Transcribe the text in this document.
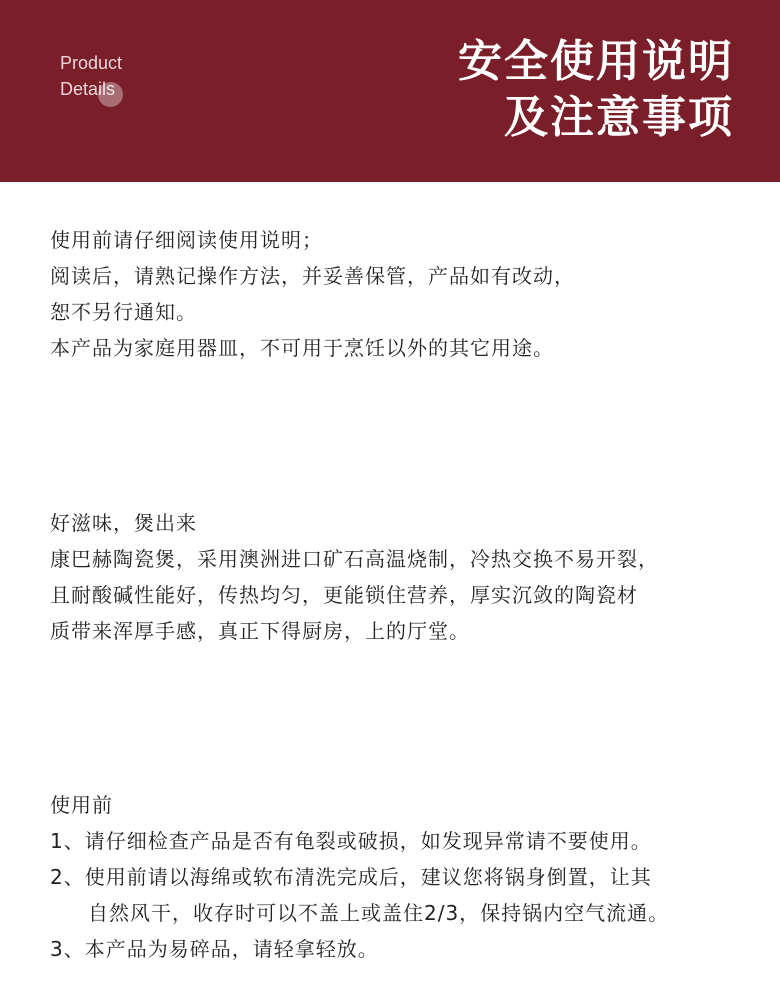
Product
Details
安全使用说明
及注意事项
使用前请仔细阅读使用说明；
阅读后，请熟记操作方法，并妥善保管，产品如有改动，
恕不另行通知。
本产品为家庭用器皿，不可用于烹饪以外的其它用途。
好滋味，煲出来
康巴赫陶瓷煲，采用澳洲进口矿石高温烧制，冷热交换不易开裂，
且耐酸碱性能好，传热均匀，更能锁住营养，厚实沉敛的陶瓷材
质带来浑厚手感，真正下得厨房，上的厅堂。
使用前
1、请仔细检查产品是否有龟裂或破损，如发现异常请不要使用。
2、使用前请以海绵或软布清洗完成后，建议您将锅身倒置，让其
自然风干，收存时可以不盖上或盖住2/3，保持锅内空气流通。
3、本产品为易碎品，请轻拿轻放。
